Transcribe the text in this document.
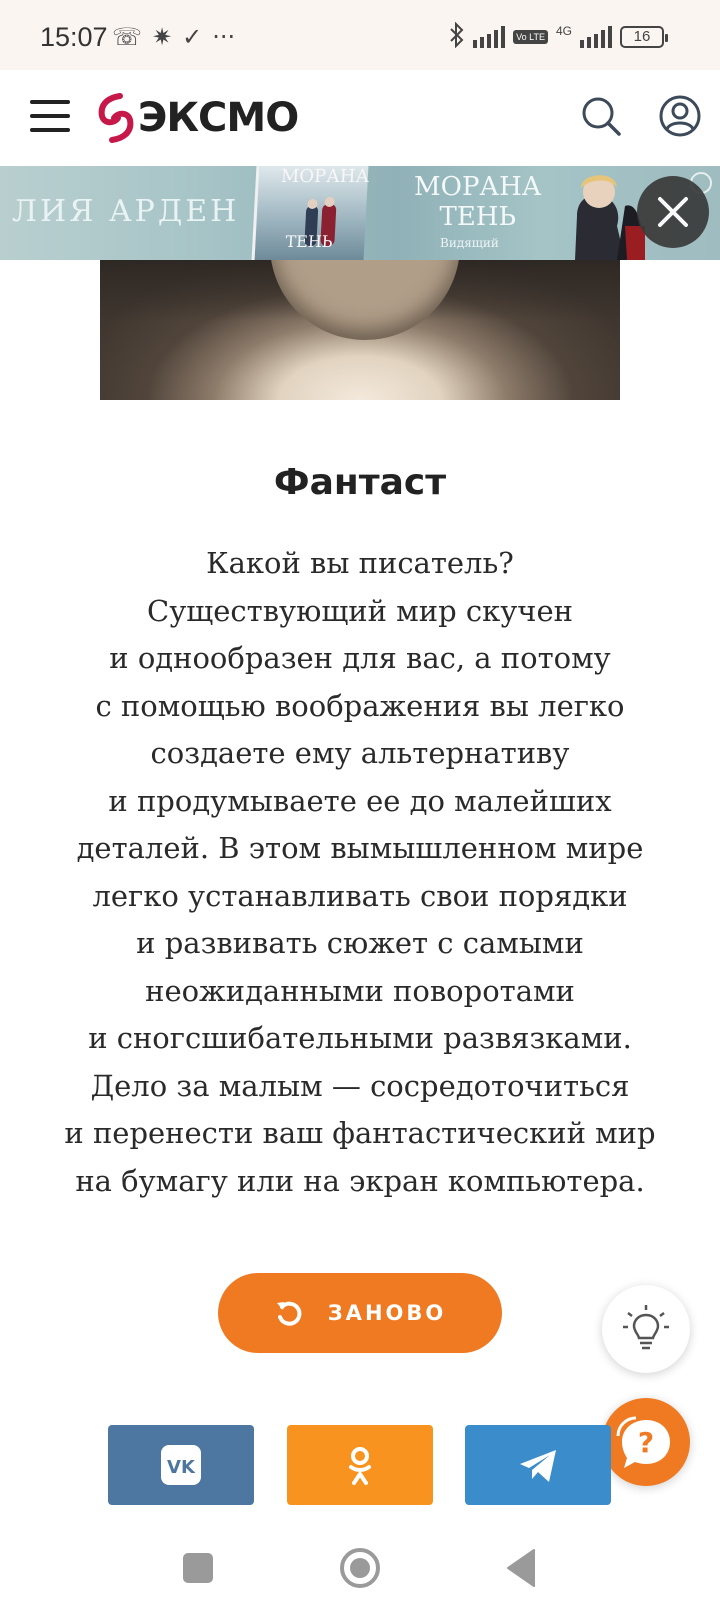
15:07 ☏ ✷ ✓ ···	Vo LTE 4G	16
ЭКСМО
ЛИЯ АРДЕН
МОРАНА
ТЕНЬ
МОРАНА
ТЕНЬ
Видящий
Фантаст
Какой вы писатель?
Существующий мир скучен
и однообразен для вас, а потому
с помощью воображения вы легко
создаете ему альтернативу
и продумываете ее до малейших
деталей. В этом вымышленном мире
легко устанавливать свои порядки
и развивать сюжет с самыми
неожиданными поворотами
и сногсшибательными развязками.
Дело за малым — сосредоточиться
и перенести ваш фантастический мир
на бумагу или на экран компьютера.
ЗАНОВО
?
VK
